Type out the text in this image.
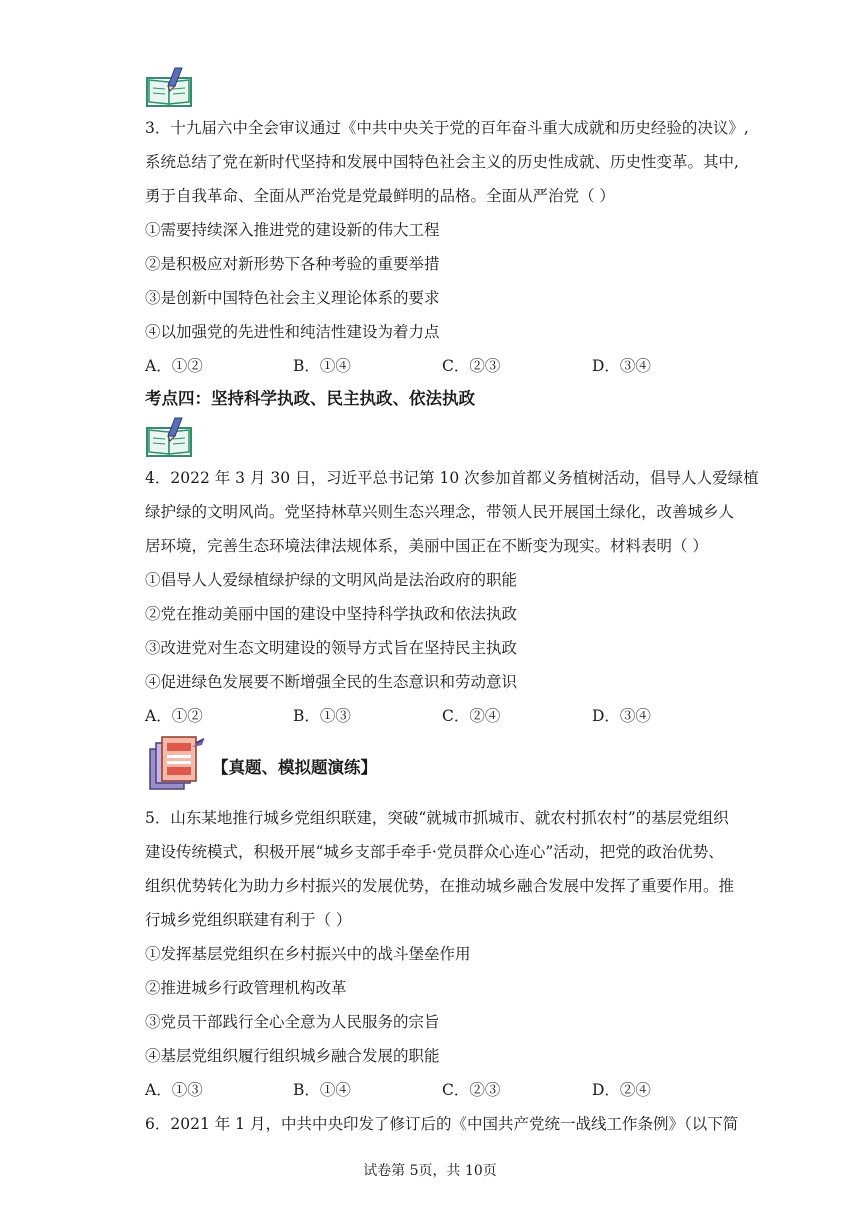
3．十九届六中全会审议通过《中共中央关于党的百年奋斗重大成就和历史经验的决议》,
系统总结了党在新时代坚持和发展中国特色社会主义的历史性成就、历史性变革。其中,
勇于自我革命、全面从严治党是党最鲜明的品格。全面从严治党（ ）
①需要持续深入推进党的建设新的伟大工程
②是积极应对新形势下各种考验的重要举措
③是创新中国特色社会主义理论体系的要求
④以加强党的先进性和纯洁性建设为着力点
A．①②	B．①④	C．②③	D．③④
考点四：坚持科学执政、民主执政、依法执政
4．2022 年 3 月 30 日，习近平总书记第 10 次参加首都义务植树活动，倡导人人爱绿植
绿护绿的文明风尚。党坚持林草兴则生态兴理念，带领人民开展国土绿化，改善城乡人
居环境，完善生态环境法律法规体系，美丽中国正在不断变为现实。材料表明（ ）
①倡导人人爱绿植绿护绿的文明风尚是法治政府的职能
②党在推动美丽中国的建设中坚持科学执政和依法执政
③改进党对生态文明建设的领导方式旨在坚持民主执政
④促进绿色发展要不断增强全民的生态意识和劳动意识
A．①②	B．①③	C．②④	D．③④
【真题、模拟题演练】
5．山东某地推行城乡党组织联建，突破“就城市抓城市、就农村抓农村”的基层党组织
建设传统模式，积极开展“城乡支部手牵手·党员群众心连心”活动，把党的政治优势、
组织优势转化为助力乡村振兴的发展优势，在推动城乡融合发展中发挥了重要作用。推
行城乡党组织联建有利于（ ）
①发挥基层党组织在乡村振兴中的战斗堡垒作用
②推进城乡行政管理机构改革
③党员干部践行全心全意为人民服务的宗旨
④基层党组织履行组织城乡融合发展的职能
A．①③	B．①④	C．②③	D．②④
6．2021 年 1 月，中共中央印发了修订后的《中国共产党统一战线工作条例》（以下简
试卷第 5页，共 10页
